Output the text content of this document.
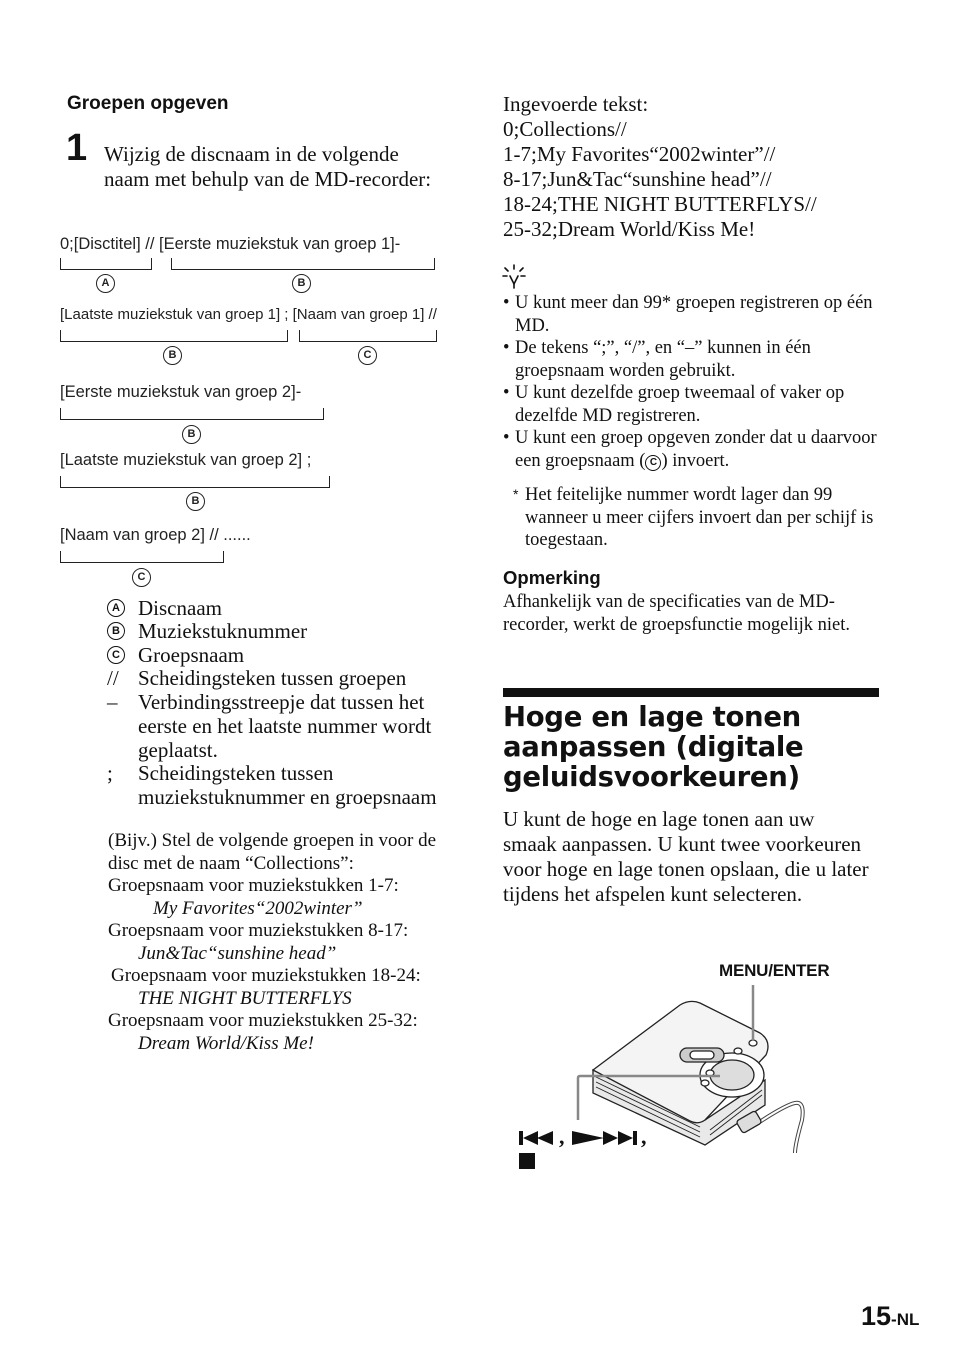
Groepen opgeven
1 Wijzig de discnaam in de volgende naam met behulp van de MD-recorder:
0;[Disctitel] // [Eerste muziekstuk van groep 1]-
A	B
[Laatste muziekstuk van groep 1] ; [Naam van groep 1] //
B	C
[Eerste muziekstuk van groep 2]-
B
[Laatste muziekstuk van groep 2] ;
B
[Naam van groep 2] // ......
C
A Discnaam
B Muziekstuknummer
C Groepsnaam
// Scheidingsteken tussen groepen
– Verbindingsstreepje dat tussen het eerste en het laatste nummer wordt geplaatst.
; Scheidingsteken tussen muziekstuknummer en groepsnaam
(Bijv.) Stel de volgende groepen in voor de disc met de naam “Collections”:
Groepsnaam voor muziekstukken 1-7:
My Favorites“2002winter”
Groepsnaam voor muziekstukken 8-17:
Jun&Tac“sunshine head”
Groepsnaam voor muziekstukken 18-24:
THE NIGHT BUTTERFLYS
Groepsnaam voor muziekstukken 25-32:
Dream World/Kiss Me!
Ingevoerde tekst:
0;Collections//
1-7;My Favorites“2002winter”//
8-17;Jun&Tac“sunshine head”//
18-24;THE NIGHT BUTTERFLYS//
25-32;Dream World/Kiss Me!
• U kunt meer dan 99* groepen registreren op één MD.
• De tekens “;”, “/”, en “–” kunnen in één groepsnaam worden gebruikt.
• U kunt dezelfde groep tweemaal of vaker op dezelfde MD registreren.
• U kunt een groep opgeven zonder dat u daarvoor een groepsnaam ( C ) invoert.
* Het feitelijke nummer wordt lager dan 99 wanneer u meer cijfers invoert dan per schijf is toegestaan.
Opmerking
Afhankelijk van de specificaties van de MD-recorder, werkt de groepsfunctie mogelijk niet.
Hoge en lage tonen aanpassen (digitale geluidsvoorkeuren)
U kunt de hoge en lage tonen aan uw smaak aanpassen. U kunt twee voorkeuren voor hoge en lage tonen opslaan, die u later tijdens het afspelen kunt selecteren.
MENU/ENTER
,	,
15-NL
